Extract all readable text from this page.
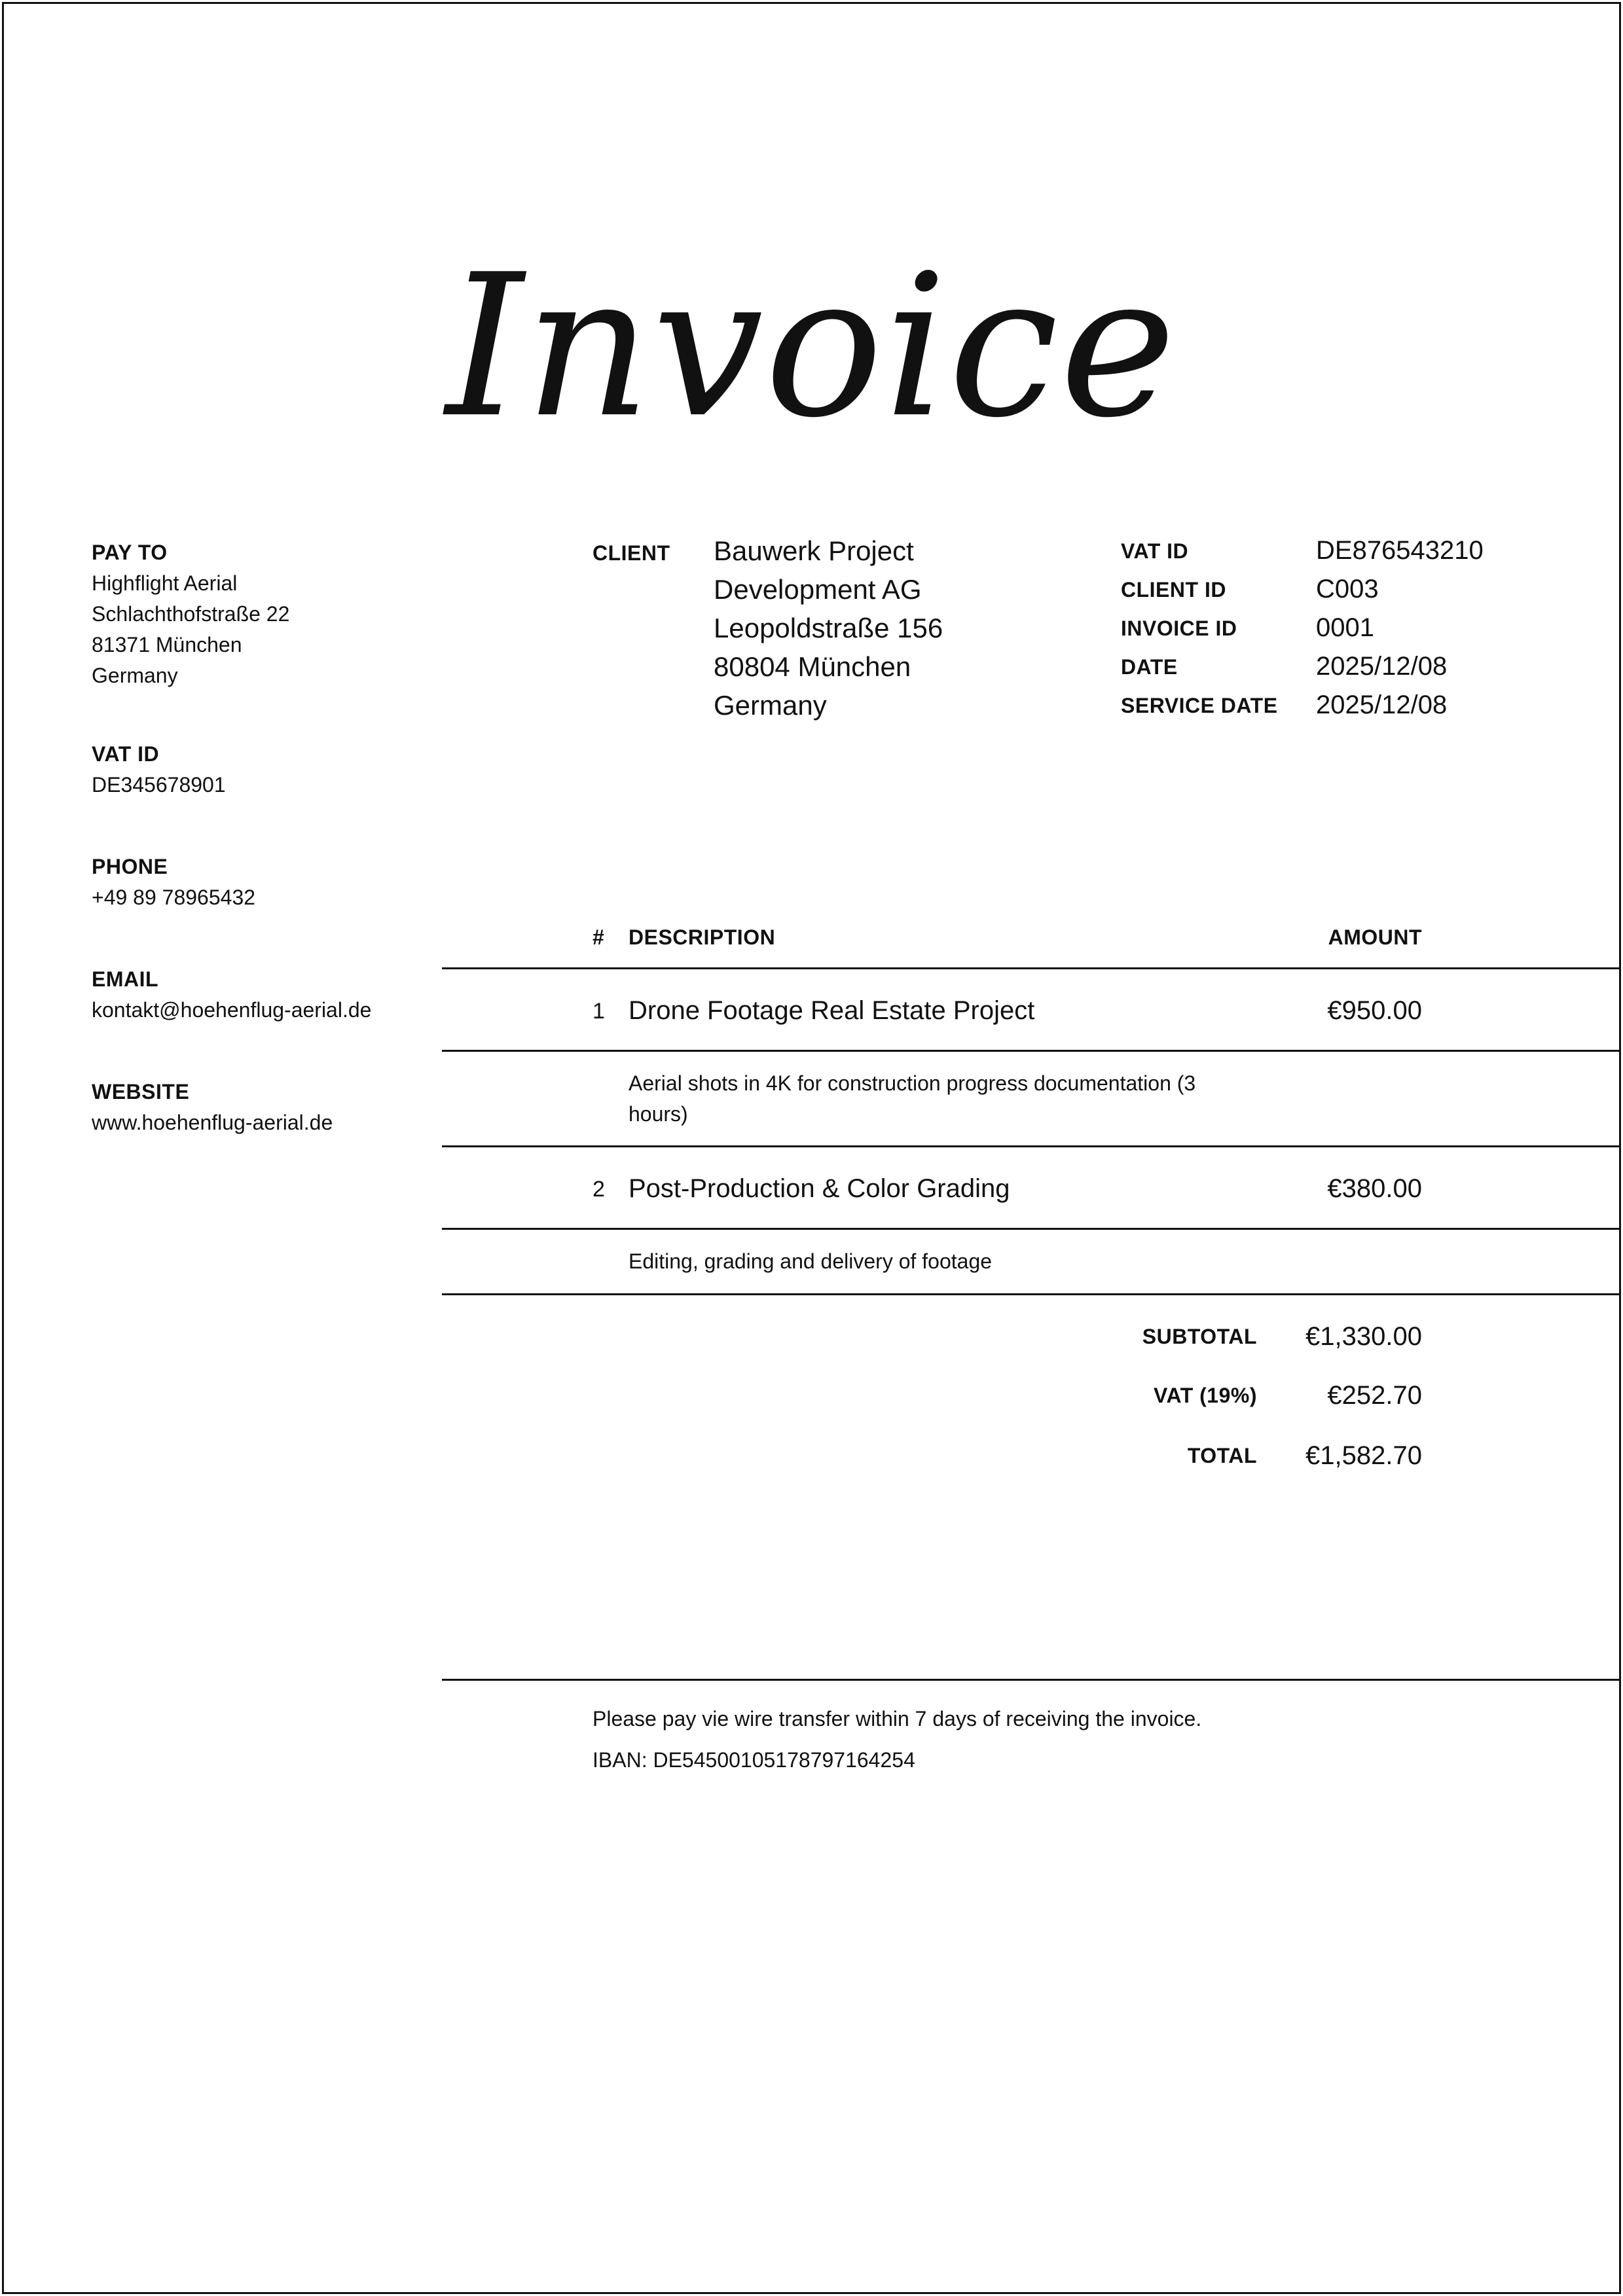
Invoice
PAY TO
Highflight Aerial
Schlachthofstraße 22
81371 München
Germany
VAT ID
DE345678901
PHONE
+49 89 78965432
EMAIL
kontakt@hoehenflug-aerial.de
WEBSITE
www.hoehenflug-aerial.de
CLIENT Bauwerk Project
Development AG
Leopoldstraße 156
80804 München
Germany
VAT ID	DE876543210
CLIENT ID	C003
INVOICE ID	0001
DATE	2025/12/08
SERVICE DATE 2025/12/08
# DESCRIPTION	AMOUNT
1 Drone Footage Real Estate Project	€950.00
Aerial shots in 4K for construction progress documentation (3 hours)
2 Post-Production & Color Grading	€380.00
Editing, grading and delivery of footage
SUBTOTAL	€1,330.00
VAT (19%)	€252.70
TOTAL	€1,582.70
Please pay vie wire transfer within 7 days of receiving the invoice.
IBAN: DE54500105178797164254
